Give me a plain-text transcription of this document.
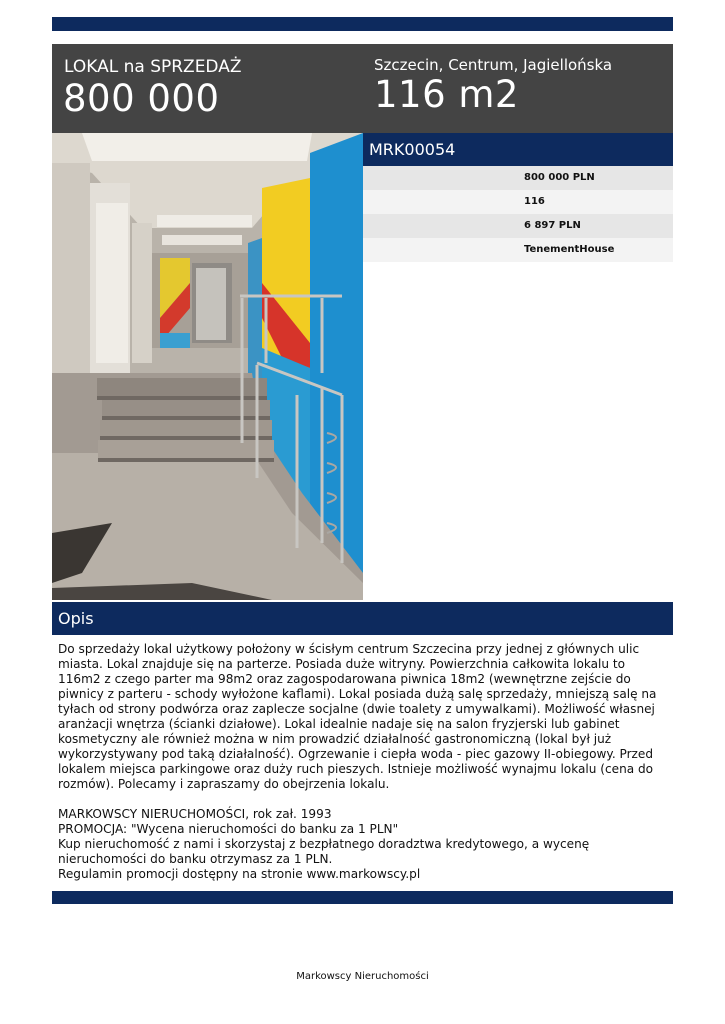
LOKAL na SPRZEDAŻ
800 000
Szczecin, Centrum, Jagiellońska
116 m2
MRK00054
800 000 PLN
116
6 897 PLN
TenementHouse
Opis

Do sprzedaży lokal użytkowy położony w ścisłym centrum Szczecina przy jednej z głównych ulic miasta. Lokal znajduje się na parterze. Posiada duże witryny. Powierzchnia całkowita lokalu to 116m2 z czego parter ma 98m2 oraz zagospodarowana piwnica 18m2 (wewnętrzne zejście do piwnicy z parteru - schody wyłożone kaflami). Lokal posiada dużą salę sprzedaży, mniejszą salę na tyłach od strony podwórza oraz zaplecze socjalne (dwie toalety z umywalkami). Możliwość własnej aranżacji wnętrza (ścianki działowe). Lokal idealnie nadaje się na salon fryzjerski lub gabinet kosmetyczny ale również można w nim prowadzić działalność gastronomiczną (lokal był już wykorzystywany pod taką działalność). Ogrzewanie i ciepła woda - piec gazowy II-obiegowy. Przed lokalem miejsca parkingowe oraz duży ruch pieszych. Istnieje możliwość wynajmu lokalu (cena do rozmów). Polecamy i zapraszamy do obejrzenia lokalu.

MARKOWSCY NIERUCHOMOŚCI, rok zał. 1993
PROMOCJA: "Wycena nieruchomości do banku za 1 PLN"
Kup nieruchomość z nami i skorzystaj z bezpłatnego doradztwa kredytowego, a wycenę nieruchomości do banku otrzymasz za 1 PLN.
Regulamin promocji dostępny na stronie www.markowscy.pl
Markowscy Nieruchomości
